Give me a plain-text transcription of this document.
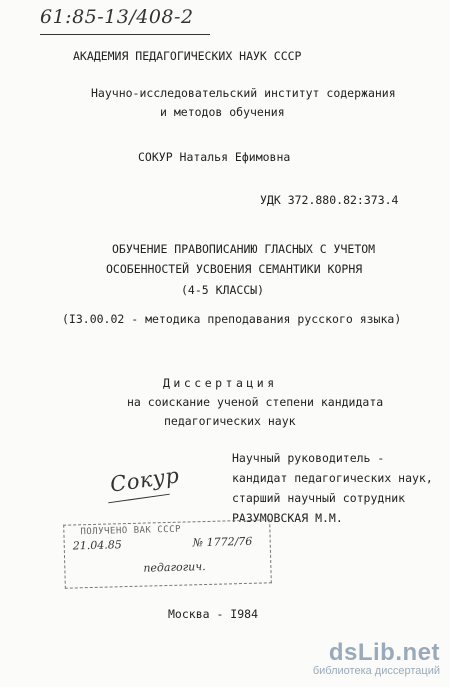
61:85-13/408-2
АКАДЕМИЯ ПЕДАГОГИЧЕСКИХ НАУК СССР
Научно-исследовательский институт содержания
и методов обучения
СОКУР Наталья Ефимовна
УДК 372.880.82:373.4
ОБУЧЕНИЕ ПРАВОПИСАНИЮ ГЛАСНЫХ С УЧЕТОМ
ОСОБЕННОСТЕЙ УСВОЕНИЯ СЕМАНТИКИ КОРНЯ
(4-5 КЛАССЫ)
(I3.00.02 - методика преподавания русского языка)
Диссертация
на соискание ученой степени кандидата
педагогических наук
Научный руководитель -
кандидат педагогических наук,
старший научный сотрудник
РАЗУМОВСКАЯ М.М.
Сокур
ПОЛУЧЕНО ВАК СССР
21.04.85	№ 1772/76
педагогич.
Москва - I984
dsLib.net
библиотека диссертаций
